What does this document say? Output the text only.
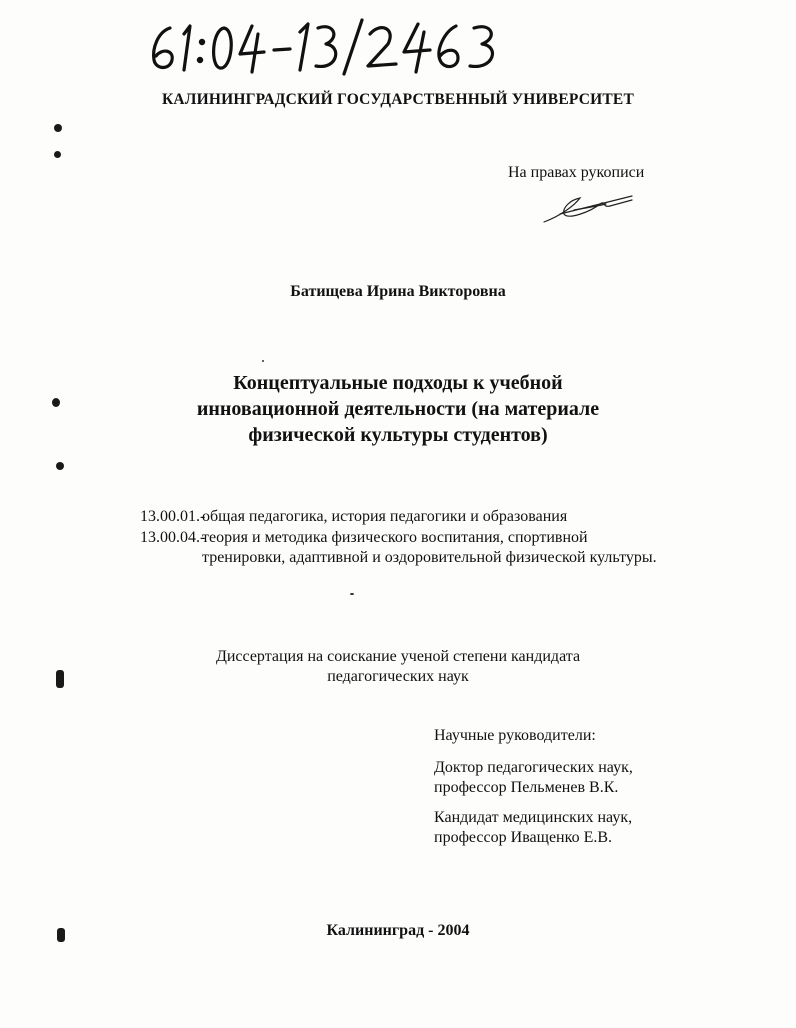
КАЛИНИНГРАДСКИЙ ГОСУДАРСТВЕННЫЙ УНИВЕРСИТЕТ
На правах рукописи
Батищева Ирина Викторовна
Концептуальные подходы к учебной
инновационной деятельности (на материале
физической культуры студентов)
13.00.01.-
общая педагогика, история педагогики и образования
13.00.04.-
теория и методика физического воспитания, спортивной тренировки, адаптивной и оздоровительной физической культуры.
Диссертация на соискание ученой степени кандидата
педагогических наук
Научные руководители:
Доктор педагогических наук,
профессор Пельменев В.К.
Кандидат медицинских наук,
профессор Иващенко Е.В.
Калининград - 2004
